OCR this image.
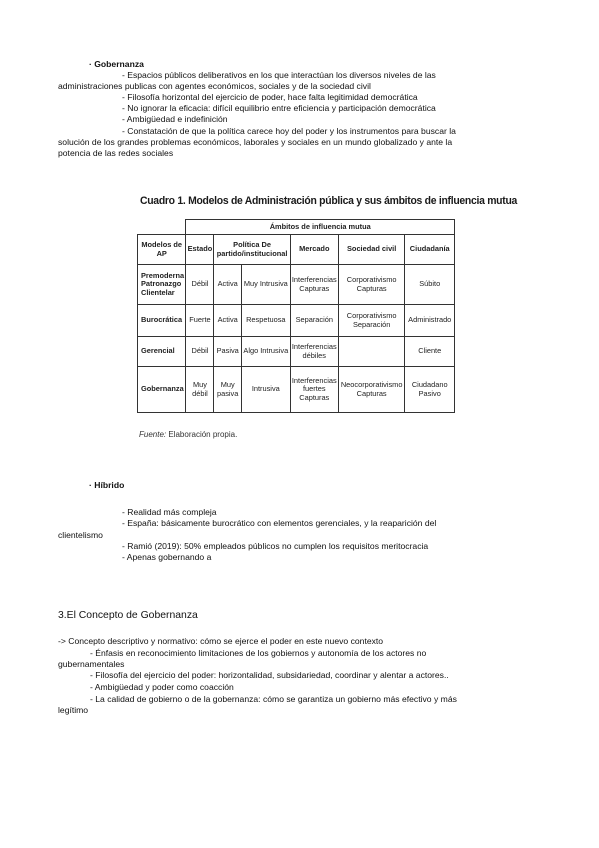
· Gobernanza
- Espacios públicos deliberativos en los que interactúan los diversos niveles de las
administraciones publicas con agentes económicos, sociales y de la sociedad civil
- Filosofía horizontal del ejercicio de poder, hace falta legitimidad democrática
- No ignorar la eficacia: difícil equilibrio entre eficiencia y participación democrática
- Ambigüedad e indefinición
- Constatación de que la política carece hoy del poder y los instrumentos para buscar la
solución de los grandes problemas económicos, laborales y sociales en un mundo globalizado y ante la
potencia de las redes sociales
Cuadro 1. Modelos de Administración pública y sus ámbitos de influencia mutua
	Ámbitos de influencia mutua					
Modelos de AP	Estado	Política De partido/institucional		Mercado	Sociedad civil	Ciudadanía
Premoderna Patronazgo Clientelar	Débil	Activa	Muy Intrusiva	Interferencias Capturas	Corporativismo Capturas	Súbito
Burocrática	Fuerte	Activa	Respetuosa	Separación	Corporativismo Separación	Administrado
Gerencial	Débil	Pasiva	Algo Intrusiva	Interferencias débiles		Cliente
Gobernanza	Muy débil	Muy pasiva	Intrusiva	Interferencias fuertes Capturas	Neocorporativismo Capturas	Ciudadano Pasivo
Fuente: Elaboración propia.
· Híbrido
- Realidad más compleja
- España: básicamente burocrático con elementos gerenciales, y la reaparición del
clientelismo
- Ramió (2019): 50% empleados públicos no cumplen los requisitos meritocracia
- Apenas gobernando a
3.El Concepto de Gobernanza
-> Concepto descriptivo y normativo: cómo se ejerce el poder en este nuevo contexto
- Énfasis en reconocimiento limitaciones de los gobiernos y autonomía de los actores no
gubernamentales
- Filosofía del ejercicio del poder: horizontalidad, subsidariedad, coordinar y alentar a actores..
- Ambigüedad y poder como coacción
- La calidad de gobierno o de la gobernanza: cómo se garantiza un gobierno más efectivo y más
legítimo
